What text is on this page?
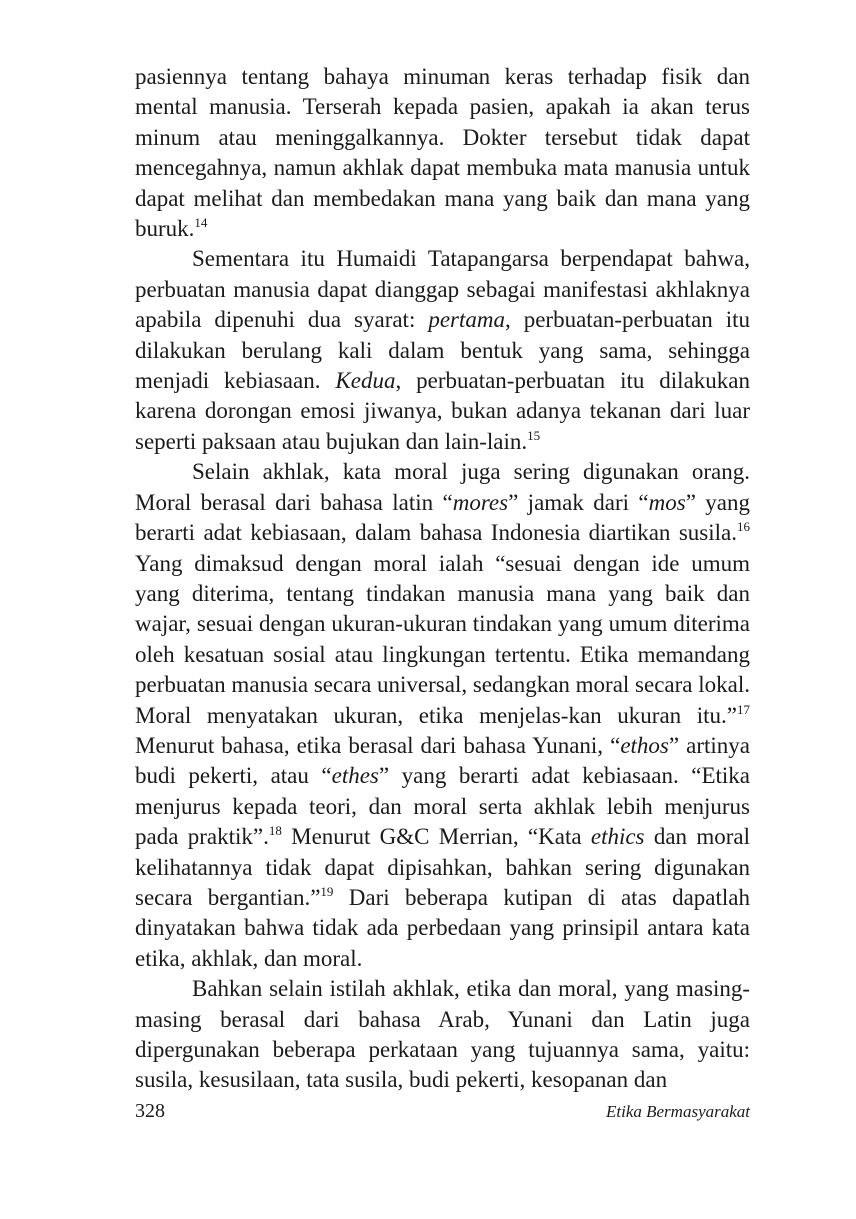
pasiennya tentang bahaya minuman keras terhadap fisik dan mental manusia. Terserah kepada pasien, apakah ia akan terus minum atau meninggalkannya. Dokter tersebut tidak dapat mencegahnya, namun akhlak dapat membuka mata manusia untuk dapat melihat dan membedakan mana yang baik dan mana yang buruk.$^{14}$

Sementara itu Humaidi Tatapangarsa berpendapat bahwa, perbuatan manusia dapat dianggap sebagai manifestasi akhlaknya apabila dipenuhi dua syarat: pertama, perbuatan-perbuatan itu dilakukan berulang kali dalam bentuk yang sama, sehingga menjadi kebiasaan. Kedua, perbuatan-perbuatan itu dilakukan karena dorongan emosi jiwanya, bukan adanya tekanan dari luar seperti paksaan atau bujukan dan lain-lain.$^{15}$

Selain akhlak, kata moral juga sering digunakan orang. Moral berasal dari bahasa latin “mores” jamak dari “mos” yang berarti adat kebiasaan, dalam bahasa Indonesia diartikan susila.$^{16}$ Yang dimaksud dengan moral ialah “sesuai dengan ide umum yang diterima, tentang tindakan manusia mana yang baik dan wajar, sesuai dengan ukuran-ukuran tindakan yang umum diterima oleh kesatuan sosial atau lingkungan tertentu. Etika memandang perbuatan manusia secara universal, sedangkan moral secara lokal. Moral menyatakan ukuran, etika menjelas-kan ukuran itu.”$^{17}$ Menurut bahasa, etika berasal dari bahasa Yunani, “ethos” artinya budi pekerti, atau “ethes” yang berarti adat kebiasaan. “Etika menjurus kepada teori, dan moral serta akhlak lebih menjurus pada praktik”.$^{18}$ Menurut G&C Merrian, “Kata ethics dan moral kelihatannya tidak dapat dipisahkan, bahkan sering digunakan secara bergantian.”$^{19}$ Dari beberapa kutipan di atas dapatlah dinyatakan bahwa tidak ada perbedaan yang prinsipil antara kata etika, akhlak, dan moral.

Bahkan selain istilah akhlak, etika dan moral, yang masing-masing berasal dari bahasa Arab, Yunani dan Latin juga dipergunakan beberapa perkataan yang tujuannya sama, yaitu: susila, kesusilaan, tata susila, budi pekerti, kesopanan dan

328	Etika Bermasyarakat
